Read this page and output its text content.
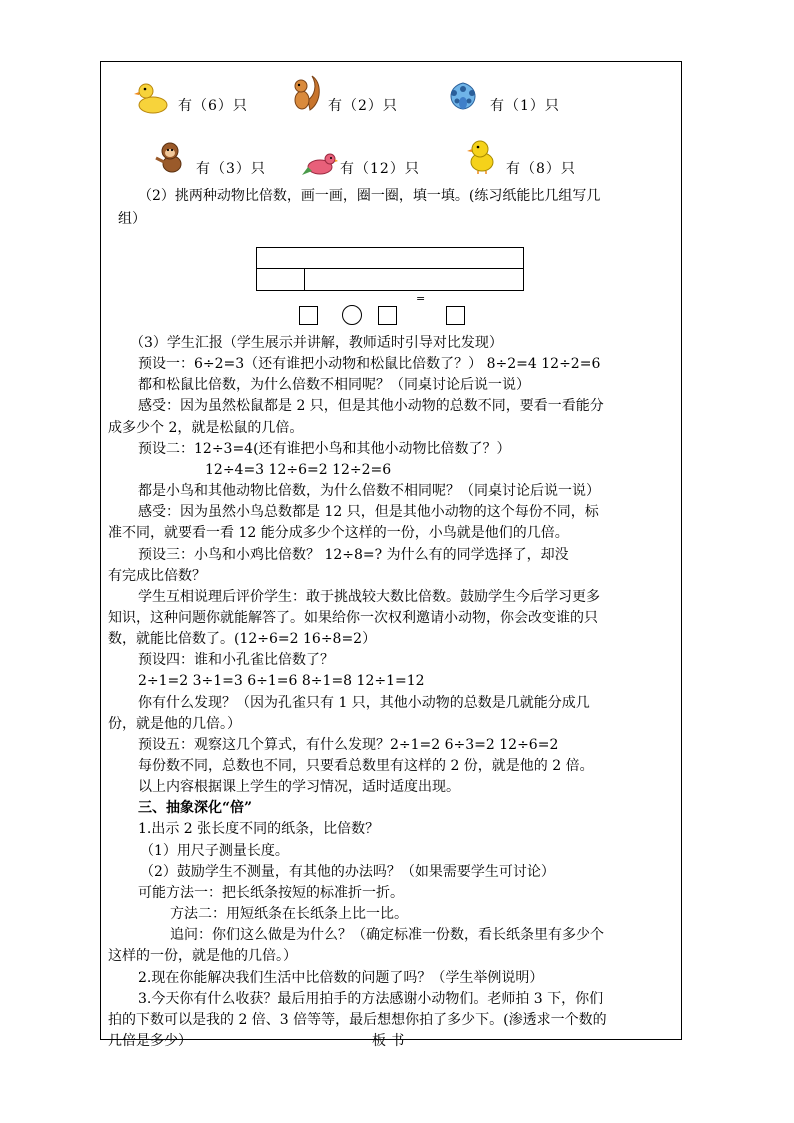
有（6）只	有（2）只	有（1）只
有（3）只	有（12）只	有（8）只
（2）挑两种动物比倍数，画一画，圈一圈，填一填。(练习纸能比几组写几
组）
=
（3）学生汇报（学生展示并讲解，教师适时引导对比发现）
预设一：6÷2=3（还有谁把小动物和松鼠比倍数了？） 8÷2=4 12÷2=6
都和松鼠比倍数，为什么倍数不相同呢？（同桌讨论后说一说）
感受：因为虽然松鼠都是 2 只，但是其他小动物的总数不同，要看一看能分
成多少个 2，就是松鼠的几倍。
预设二：12÷3=4(还有谁把小鸟和其他小动物比倍数了？）
12÷4=3 12÷6=2 12÷2=6
都是小鸟和其他动物比倍数，为什么倍数不相同呢？（同桌讨论后说一说）
感受：因为虽然小鸟总数都是 12 只，但是其他小动物的这个每份不同，标
准不同，就要看一看 12 能分成多少个这样的一份，小鸟就是他们的几倍。
预设三：小鸟和小鸡比倍数？ 12÷8=? 为什么有的同学选择了，却没
有完成比倍数？
学生互相说理后评价学生：敢于挑战较大数比倍数。鼓励学生今后学习更多
知识，这种问题你就能解答了。如果给你一次权利邀请小动物，你会改变谁的只
数，就能比倍数了。(12÷6=2 16÷8=2）
预设四：谁和小孔雀比倍数了？
2÷1=2 3÷1=3 6÷1=6 8÷1=8 12÷1=12
你有什么发现？（因为孔雀只有 1 只，其他小动物的总数是几就能分成几
份，就是他的几倍。）
预设五：观察这几个算式，有什么发现？2÷1=2 6÷3=2 12÷6=2
每份数不同，总数也不同，只要看总数里有这样的 2 份，就是他的 2 倍。
以上内容根据课上学生的学习情况，适时适度出现。
三、抽象深化“倍”
1.出示 2 张长度不同的纸条，比倍数？
（1）用尺子测量长度。
（2）鼓励学生不测量，有其他的办法吗？（如果需要学生可讨论）
可能方法一：把长纸条按短的标准折一折。
方法二：用短纸条在长纸条上比一比。
追问：你们这么做是为什么？（确定标准一份数，看长纸条里有多少个
这样的一份，就是他的几倍。）
2.现在你能解决我们生活中比倍数的问题了吗？（学生举例说明）
3.今天你有什么收获？最后用拍手的方法感谢小动物们。老师拍 3 下，你们
拍的下数可以是我的 2 倍、3 倍等等，最后想想你拍了多少下。(渗透求一个数的
几倍是多少）	板 书
